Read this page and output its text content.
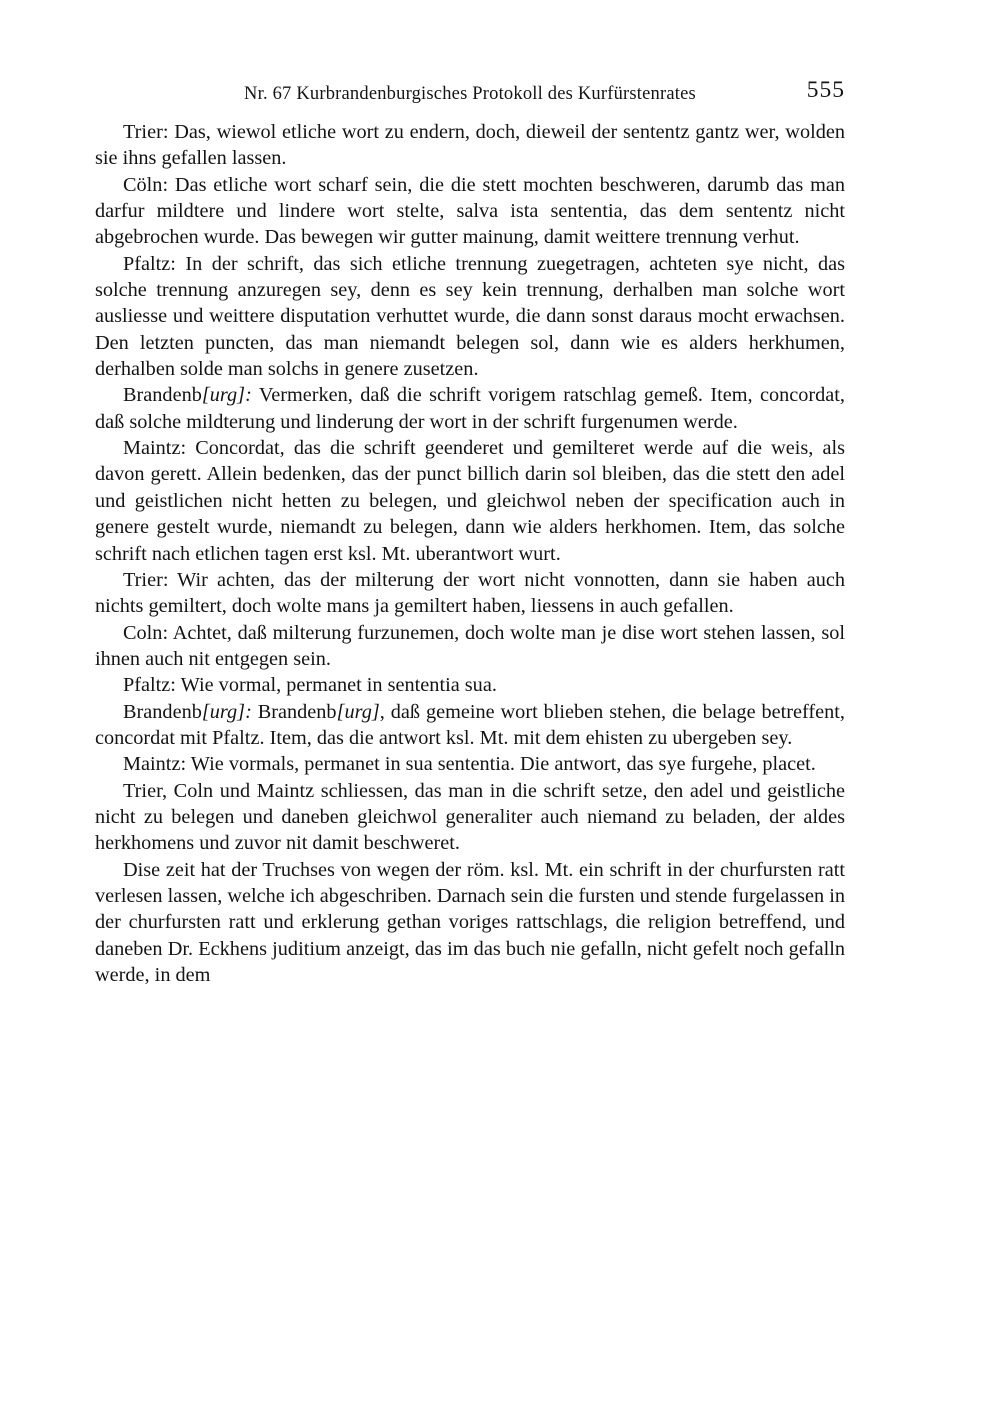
Nr. 67 Kurbrandenburgisches Protokoll des Kurfürstenrates	555

Trier: Das, wiewol etliche wort zu endern, doch, dieweil der sententz gantz wer, wolden sie ihns gefallen lassen.

Cöln: Das etliche wort scharf sein, die die stett mochten beschweren, darumb das man darfur mildtere und lindere wort stelte, salva ista sententia, das dem sententz nicht abgebrochen wurde. Das bewegen wir gutter mainung, damit weittere trennung verhut.

Pfaltz: In der schrift, das sich etliche trennung zuegetragen, achteten sye nicht, das solche trennung anzuregen sey, denn es sey kein trennung, derhalben man solche wort ausliesse und weittere disputation verhuttet wurde, die dann sonst daraus mocht erwachsen. Den letzten puncten, das man niemandt belegen sol, dann wie es alders herkhumen, derhalben solde man solchs in genere zusetzen.

Brandenb[urg]: Vermerken, daß die schrift vorigem ratschlag gemeß. Item, concordat, daß solche mildterung und linderung der wort in der schrift furgenumen werde.

Maintz: Concordat, das die schrift geenderet und gemilteret werde auf die weis, als davon gerett. Allein bedenken, das der punct billich darin sol bleiben, das die stett den adel und geistlichen nicht hetten zu belegen, und gleichwol neben der specification auch in genere gestelt wurde, niemandt zu belegen, dann wie alders herkhomen. Item, das solche schrift nach etlichen tagen erst ksl. Mt. uberantwort wurt.

Trier: Wir achten, das der milterung der wort nicht vonnotten, dann sie haben auch nichts gemiltert, doch wolte mans ja gemiltert haben, liessens in auch gefallen.

Coln: Achtet, daß milterung furzunemen, doch wolte man je dise wort stehen lassen, sol ihnen auch nit entgegen sein.

Pfaltz: Wie vormal, permanet in sententia sua.

Brandenb[urg]: Brandenb[urg], daß gemeine wort blieben stehen, die belage betreffent, concordat mit Pfaltz. Item, das die antwort ksl. Mt. mit dem ehisten zu ubergeben sey.

Maintz: Wie vormals, permanet in sua sententia. Die antwort, das sye furgehe, placet.

Trier, Coln und Maintz schliessen, das man in die schrift setze, den adel und geistliche nicht zu belegen und daneben gleichwol generaliter auch niemand zu beladen, der aldes herkhomens und zuvor nit damit beschweret.

Dise zeit hat der Truchses von wegen der röm. ksl. Mt. ein schrift in der churfursten ratt verlesen lassen, welche ich abgeschriben. Darnach sein die fursten und stende furgelassen in der churfursten ratt und erklerung gethan voriges rattschlags, die religion betreffend, und daneben Dr. Eckhens juditium anzeigt, das im das buch nie gefalln, nicht gefelt noch gefalln werde, in dem
